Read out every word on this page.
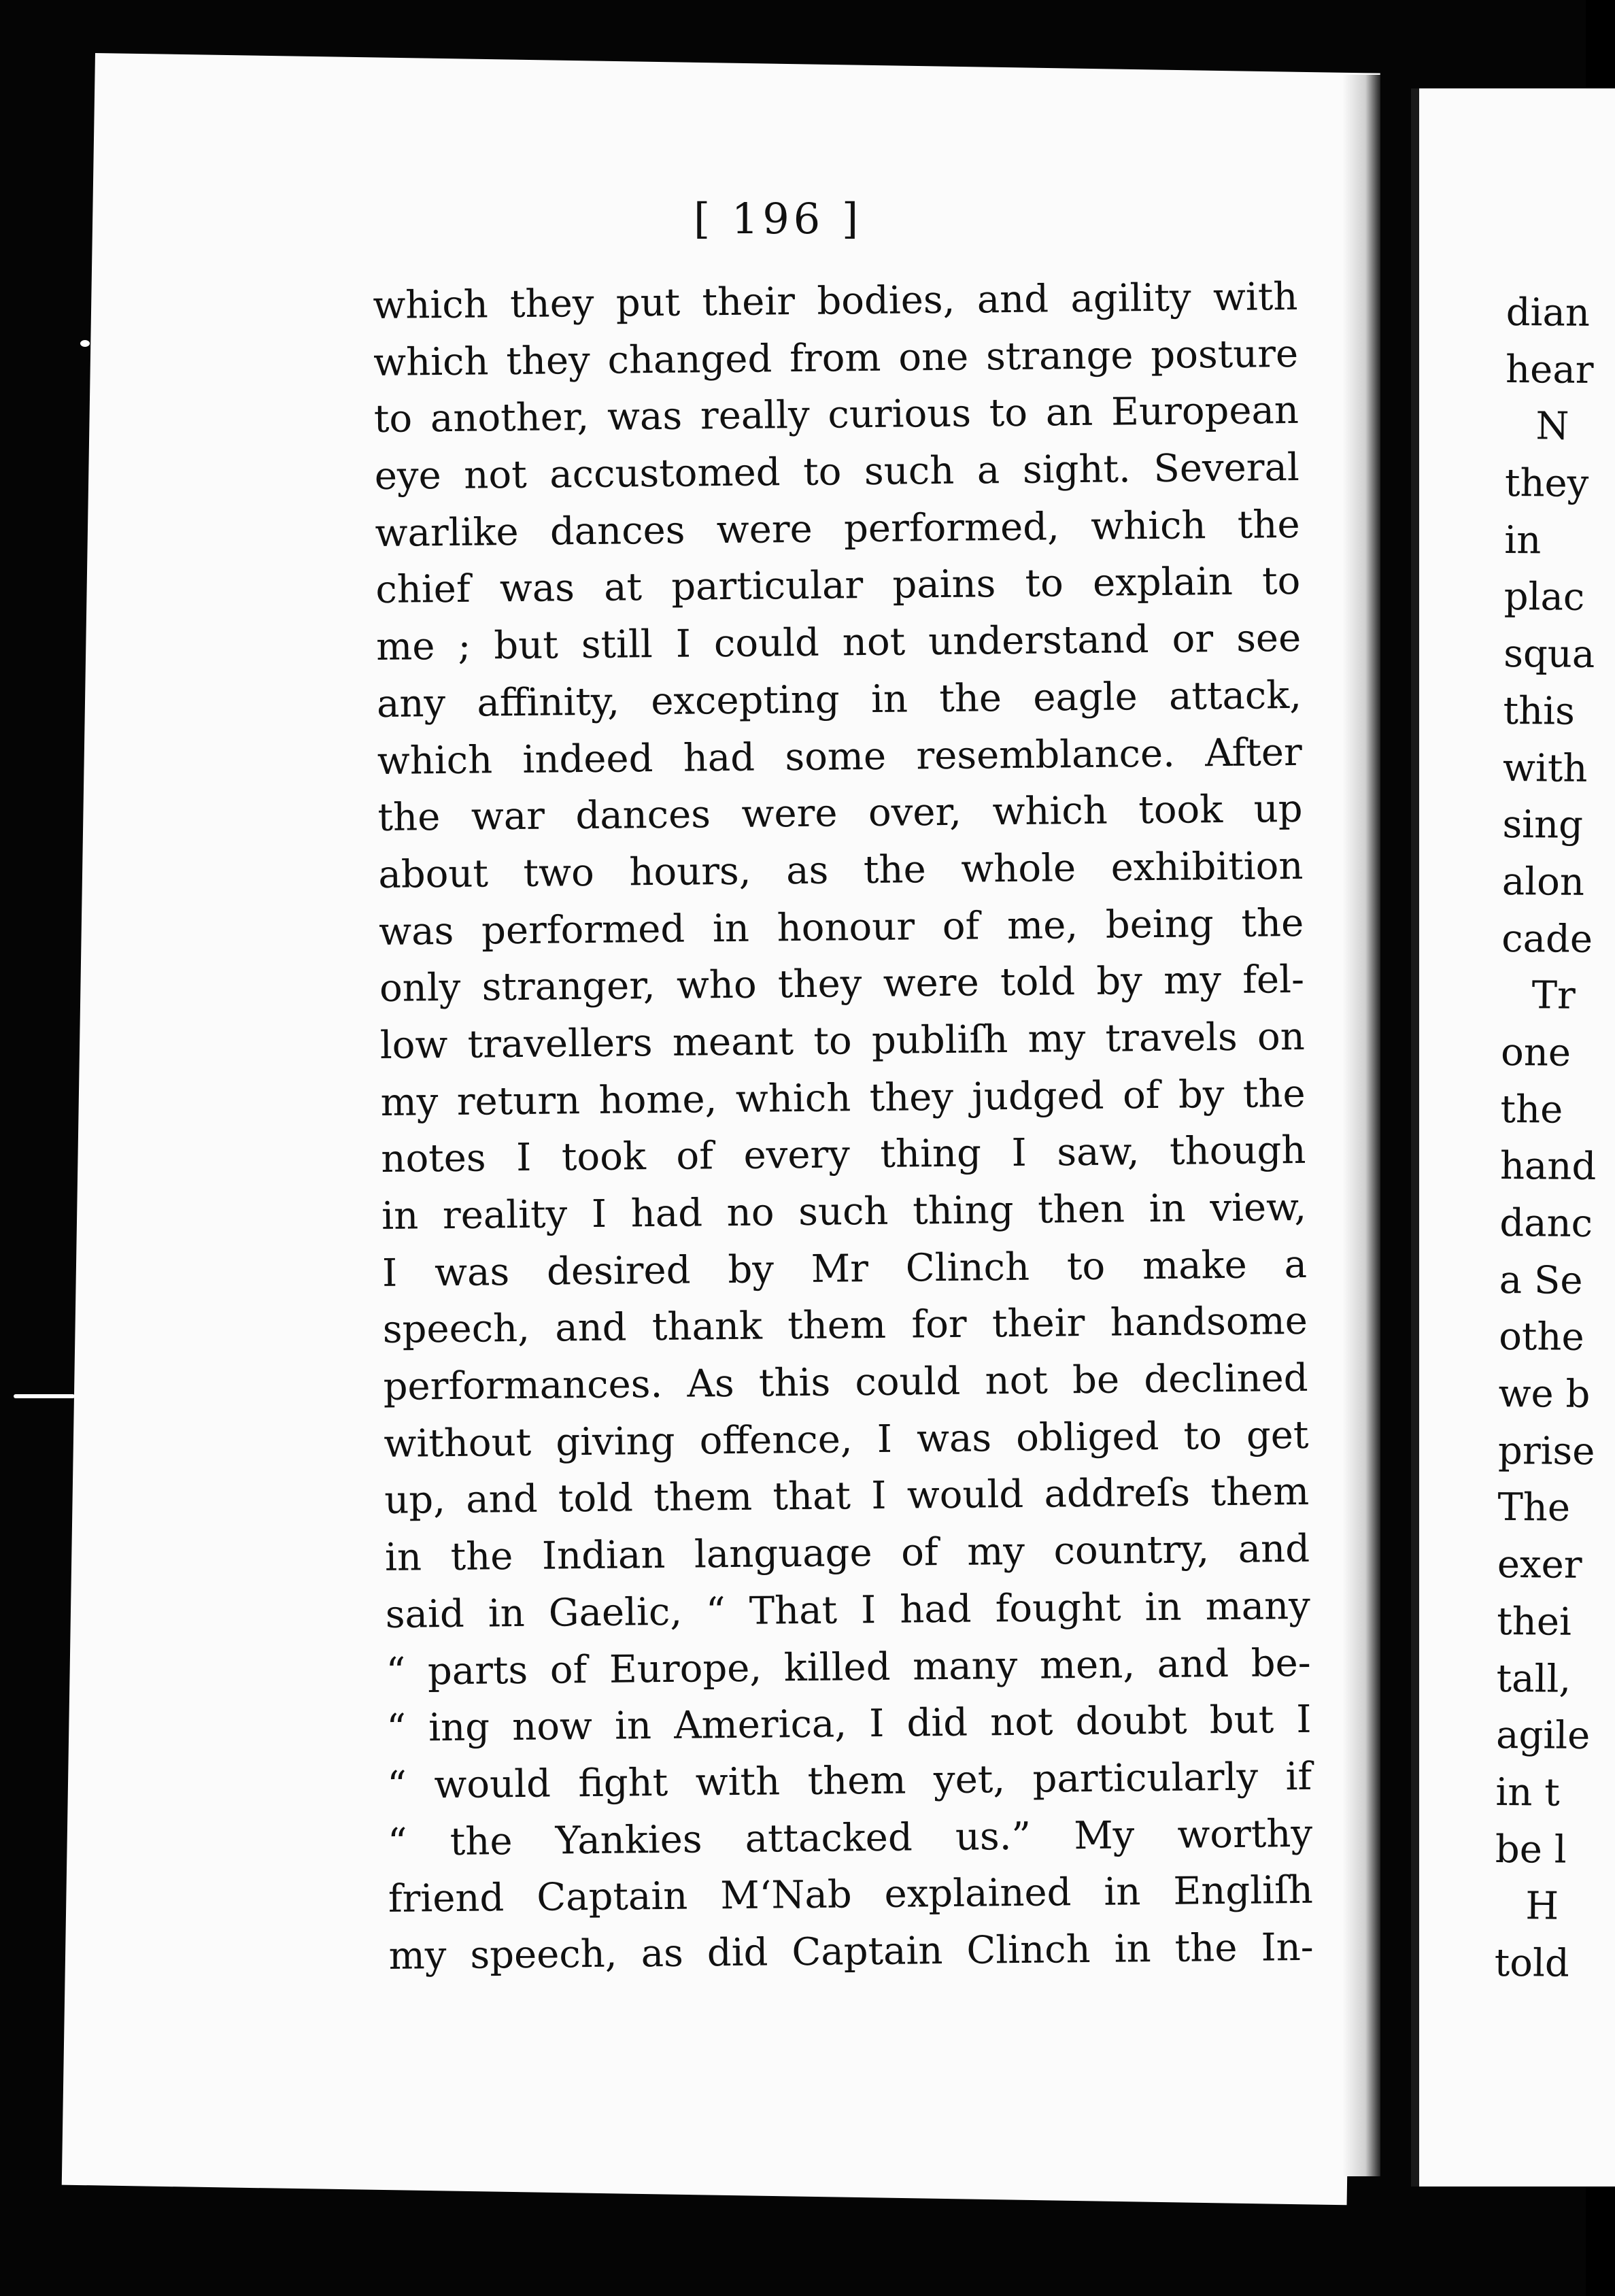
[ 196 ]
which they put their bodies, and agility with
which they changed from one strange posture
to another, was really curious to an European
eye not accustomed to such a sight. Several
warlike dances were performed, which the
chief was at particular pains to explain to
me ; but still I could not understand or see
any affinity, excepting in the eagle attack,
which indeed had some resemblance. After
the war dances were over, which took up
about two hours, as the whole exhibition
was performed in honour of me, being the
only stranger, who they were told by my fel-
low travellers meant to publiſh my travels on
my return home, which they judged of by the
notes I took of every thing I saw, though
in reality I had no such thing then in view,
I was desired by Mr Clinch to make a
speech, and thank them for their handsome
performances. As this could not be declined
without giving offence, I was obliged to get
up, and told them that I would addreſs them
in the Indian language of my country, and
said in Gaelic, “ That I had fought in many
“ parts of Europe, killed many men, and be-
“ ing now in America, I did not doubt but I
“ would fight with them yet, particularly if
“ the Yankies attacked us.” My worthy
friend Captain M‘Nab explained in Engliſh
my speech, as did Captain Clinch in the In-
dian
hear
N
they
in
plac
squa
this
with
sing
alon
cade
Tr
one
the
hand
danc
a Se
othe
we b
prise
The
exer
thei
tall,
agile
in t
be l
H
told
